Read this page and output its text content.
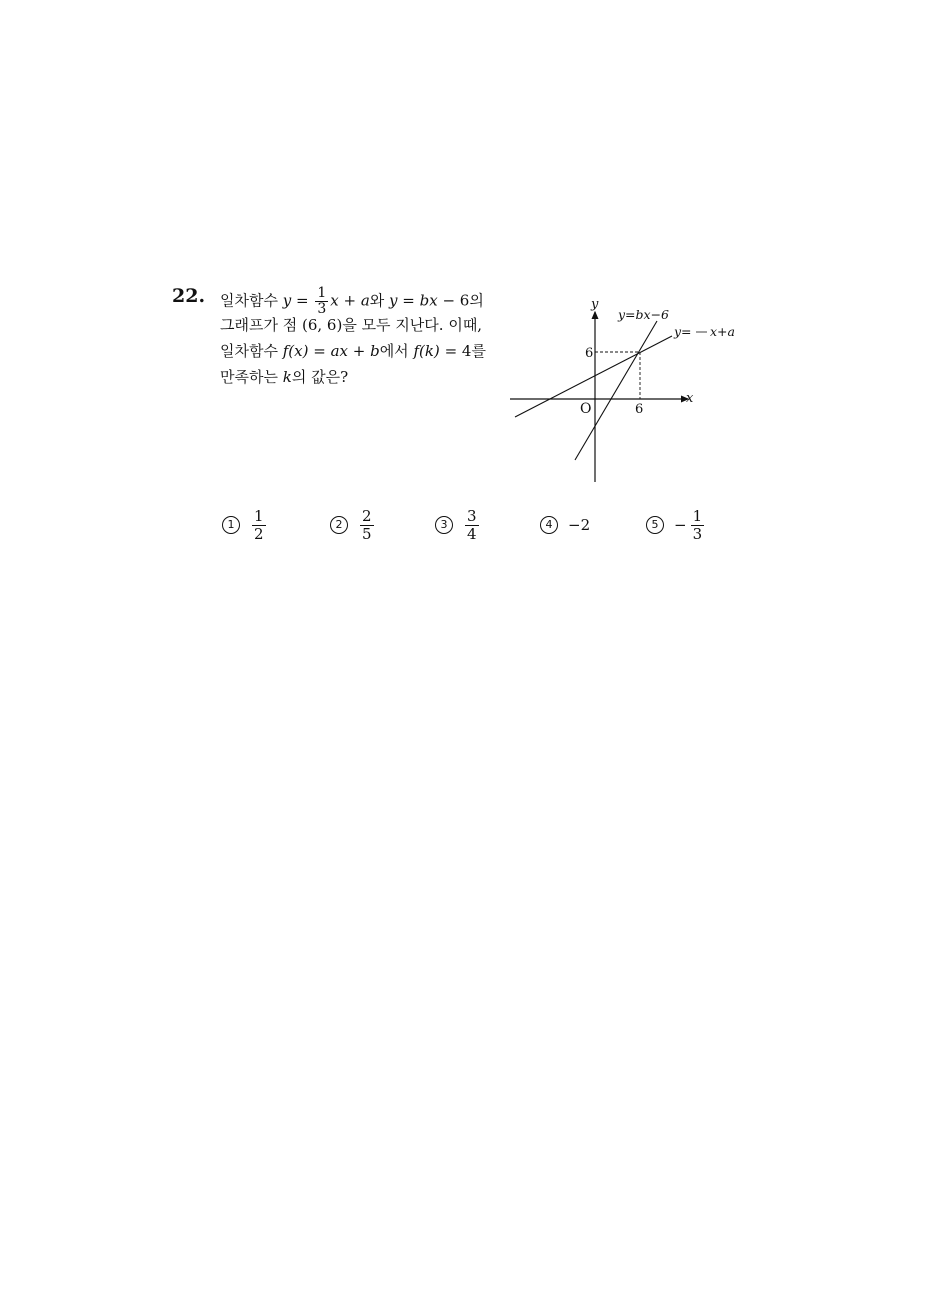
22. 일차함수 $y = \frac{1}{3}$ x + a와 y = bx − 6의
그래프가 점 (6, 6)을 모두 지난다. 이때,
일차함수 f(x) = ax + b에서 f(k) = 4를
만족하는 k의 값은?
y
x
O
6
6
y=bx−6
y= x+a
1	$\frac{1}{2}$	2	$\frac{2}{5}$	3	$\frac{3}{4}$	4	−2	5	− $\frac{1}{3}$
